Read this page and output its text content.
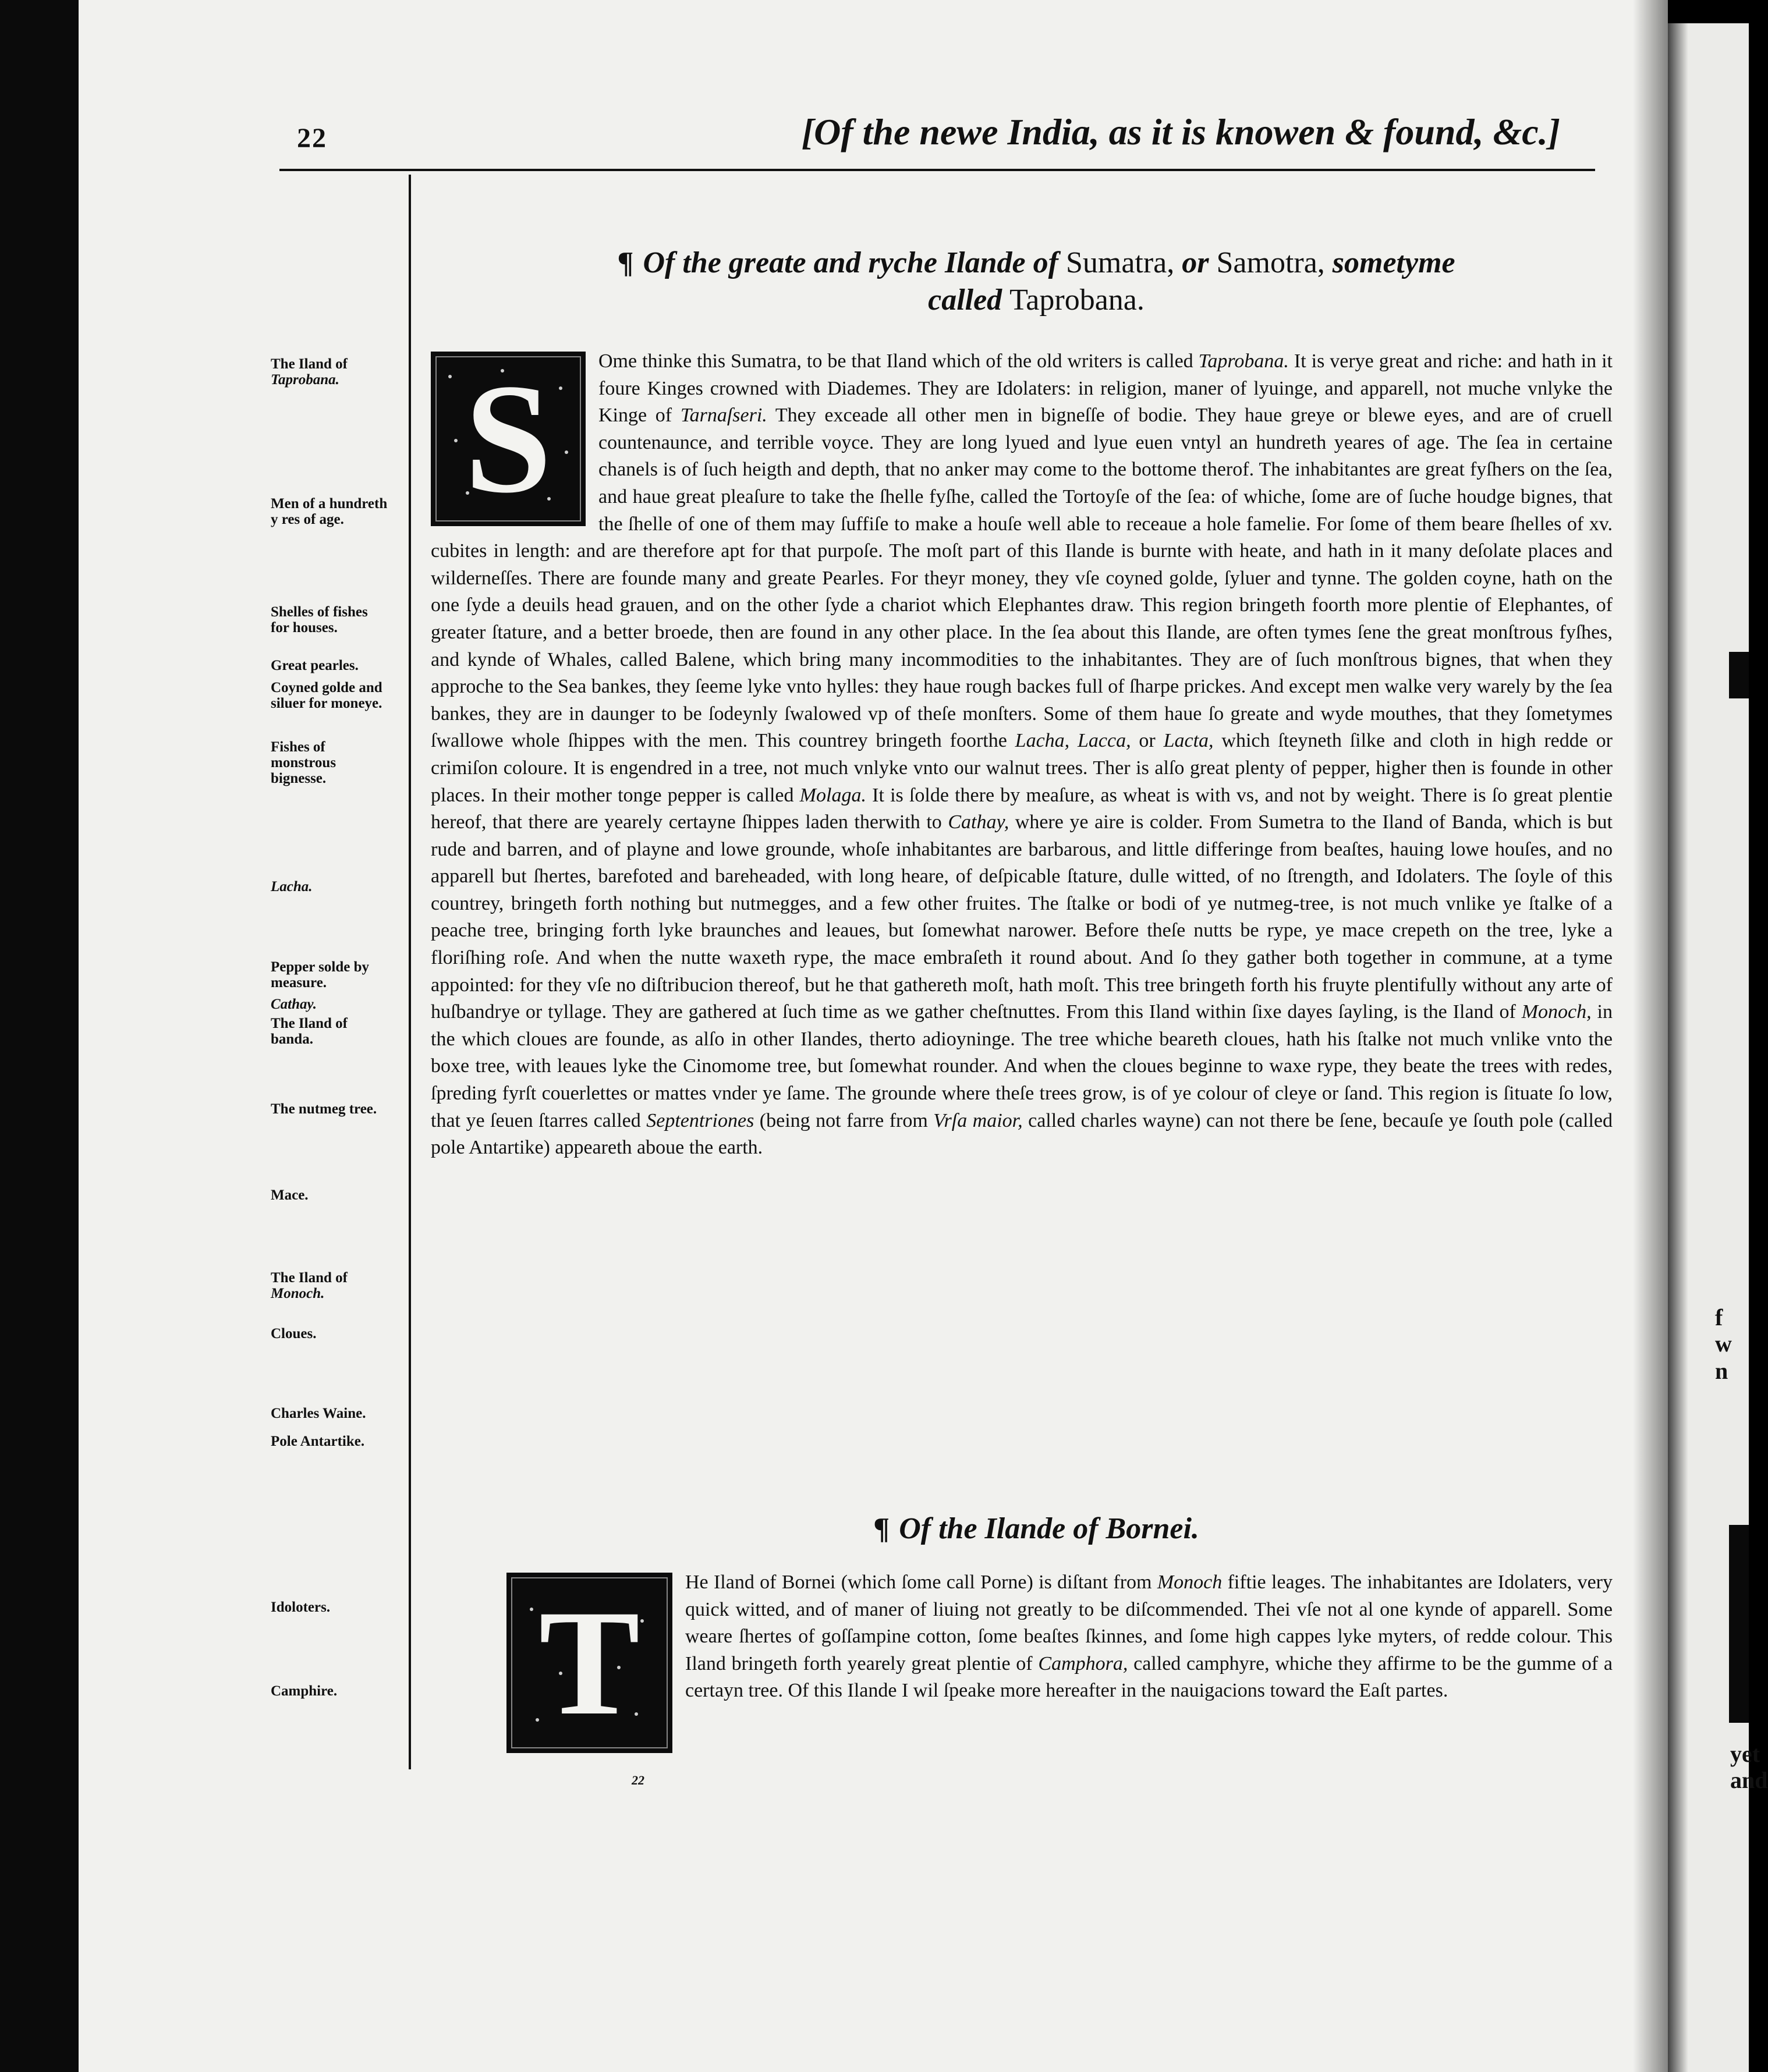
f
w
n
yet
and
22	[Of the newe India, as it is knowen & found, &c.]
The Iland of
Taprobana.
Men of a hundreth
y res of age.
Shelles of fishes
for houses.
Great pearles.
Coyned golde and
siluer for moneye.
Fishes of
monstrous
bignesse.
Lacha.
Pepper solde by
measure.
Cathay.
The Iland of
banda.
The nutmeg tree.
Mace.
The Iland of
Monoch.
Cloues.
Charles Waine.
Pole Antartike.
Idoloters.
Camphire.
¶ Of the greate and ryche Ilande of Sumatra, or Samotra, sometyme
called Taprobana.
S	Ome thinke this Sumatra, to be that Iland which of the old writers is called Taprobana. It is veryе great and riche: and hath in it foure Kinges crowned with Diademes. They are Idolaters: in religion, maner of lyuinge, and apparell, not muche vnlyke the Kinge of Tarnaſseri. They exceade all other men in bigneſſe of bodie. They haue greye or blewe eyes, and are of cruell countenaunce, and terrible voyce. They are long lyued and lyue euen vntyl an hundreth yeares of age. The ſea in certaine chanels is of ſuch heigth and depth, that no anker may come to the bottome therof. The inhabitantes are great fyſhers on the ſea, and haue great pleaſure to take the ſhelle fyſhe, called the Tortoyſe of the ſea: of whiche, ſome are of ſuche houdge bignes, that the ſhelle of one of them may ſuffiſe to make a houſe well able to receaue a hole famelie. For ſome of them beare ſhelles of xv. cubites in length: and are therefore apt for that purpoſe. The moſt part of this Ilande is burnte with heate, and hath in it many deſolate places and wilderneſſes. There are founde many and greate Pearles. For theyr money, they vſe coyned golde, ſyluer and tynne. The golden coyne, hath on the one ſyde a deuils head grauen, and on the other ſyde a chariot which Elephantes draw. This region bringeth foorth more plentie of Elephantes, of greater ſtature, and a better broede, then are found in any other place. In the ſea about this Ilande, are often tymes ſene the great monſtrous fyſhes, and kynde of Whales, called Balene, which bring many incommodities to the inhabitantes. They are of ſuch monſtrous bignes, that when they approche to the Sea bankes, they ſeeme lyke vnto hylles: they haue rough backes full of ſharpe prickes. And except men walke very warely by the ſea bankes, they are in daunger to be ſodeynly ſwalowed vp of theſe monſters. Some of them haue ſo greate and wyde mouthes, that they ſometymes ſwallowe whole ſhippes with the men. This countrey bringeth foorthe Lacha, Lacca, or Lacta, which ſteyneth ſilke and cloth in high redde or crimiſon coloure. It is engendred in a tree, not much vnlyke vnto our walnut trees. Ther is alſo great plenty of pepper, higher then is founde in other places. In their mother tonge pepper is called Molaga. It is ſolde there by meaſure, as wheat is with vs, and not by weight. There is ſo great plentie hereof, that there are yearely certayne ſhippes laden therwith to Cathay, where ye aire is colder. From Sumetra to the Iland of Banda, which is but rude and barren, and of playne and lowe grounde, whoſe inhabitantes are barbarous, and little differinge from beaſtes, hauing lowe houſes, and no apparell but ſhertes, barefoted and bareheaded, with long heare, of deſpicable ſtature, dulle witted, of no ſtrength, and Idolaters. The ſoyle of this countrey, bringeth forth nothing but nutmegges, and a few other fruites. The ſtalke or bodi of ye nutmeg-tree, is not much vnlike ye ſtalke of a peache tree, bringing forth lyke braunches and leaues, but ſomewhat narower. Before theſe nutts be rype, ye mace crepeth on the tree, lyke a floriſhing roſe. And when the nutte waxeth rype, the mace embraſeth it round about. And ſo they gather both together in commune, at a tyme appointed: for they vſe no diſtribucion thereof, but he that gathereth moſt, hath moſt. This tree bringeth forth his fruyte plentifully without any arte of huſbandrye or tyllage. They are gathered at ſuch time as we gather cheſtnuttes. From this Iland within ſixe dayes ſayling, is the Iland of Monoch, in the which cloues are founde, as alſo in other Ilandes, therto adioyninge. The tree whiche beareth cloues, hath his ſtalke not much vnlike vnto the boxe tree, with leaues lyke the Cinomome tree, but ſomewhat rounder. And when the cloues beginne to waxe rype, they beate the trees with redes, ſpreding fyrſt couerlettes or mattes vnder ye ſame. The grounde where theſe trees grow, is of ye colour of cleye or ſand. This region is ſituate ſo low, that ye ſeuen ſtarres called Septentriones (being not farre from Vrſa maior, called charles wayne) can not there be ſene, becauſe ye ſouth pole (called pole Antartike) appeareth aboue the earth.
¶ Of the Ilande of Bornei.
T	He Iland of Bornei (which ſome call Porne) is diſtant from Monoch fiftie leages. The inhabitantes are Idolaters, very quick witted, and of maner of liuing not greatly to be diſcommended. Thei vſe not al one kynde of apparell. Some weare ſhertes of goſſampine cotton, ſome beaſtes ſkinnes, and ſome high cappes lyke myters, of redde colour. This Iland bringeth forth yearely great plentie of Camphora, called camphyre, whiche they affirme to be the gumme of a certayn tree. Of this Ilande I wil ſpeake more hereafter in the nauigacions toward the Eaſt partes.
22
